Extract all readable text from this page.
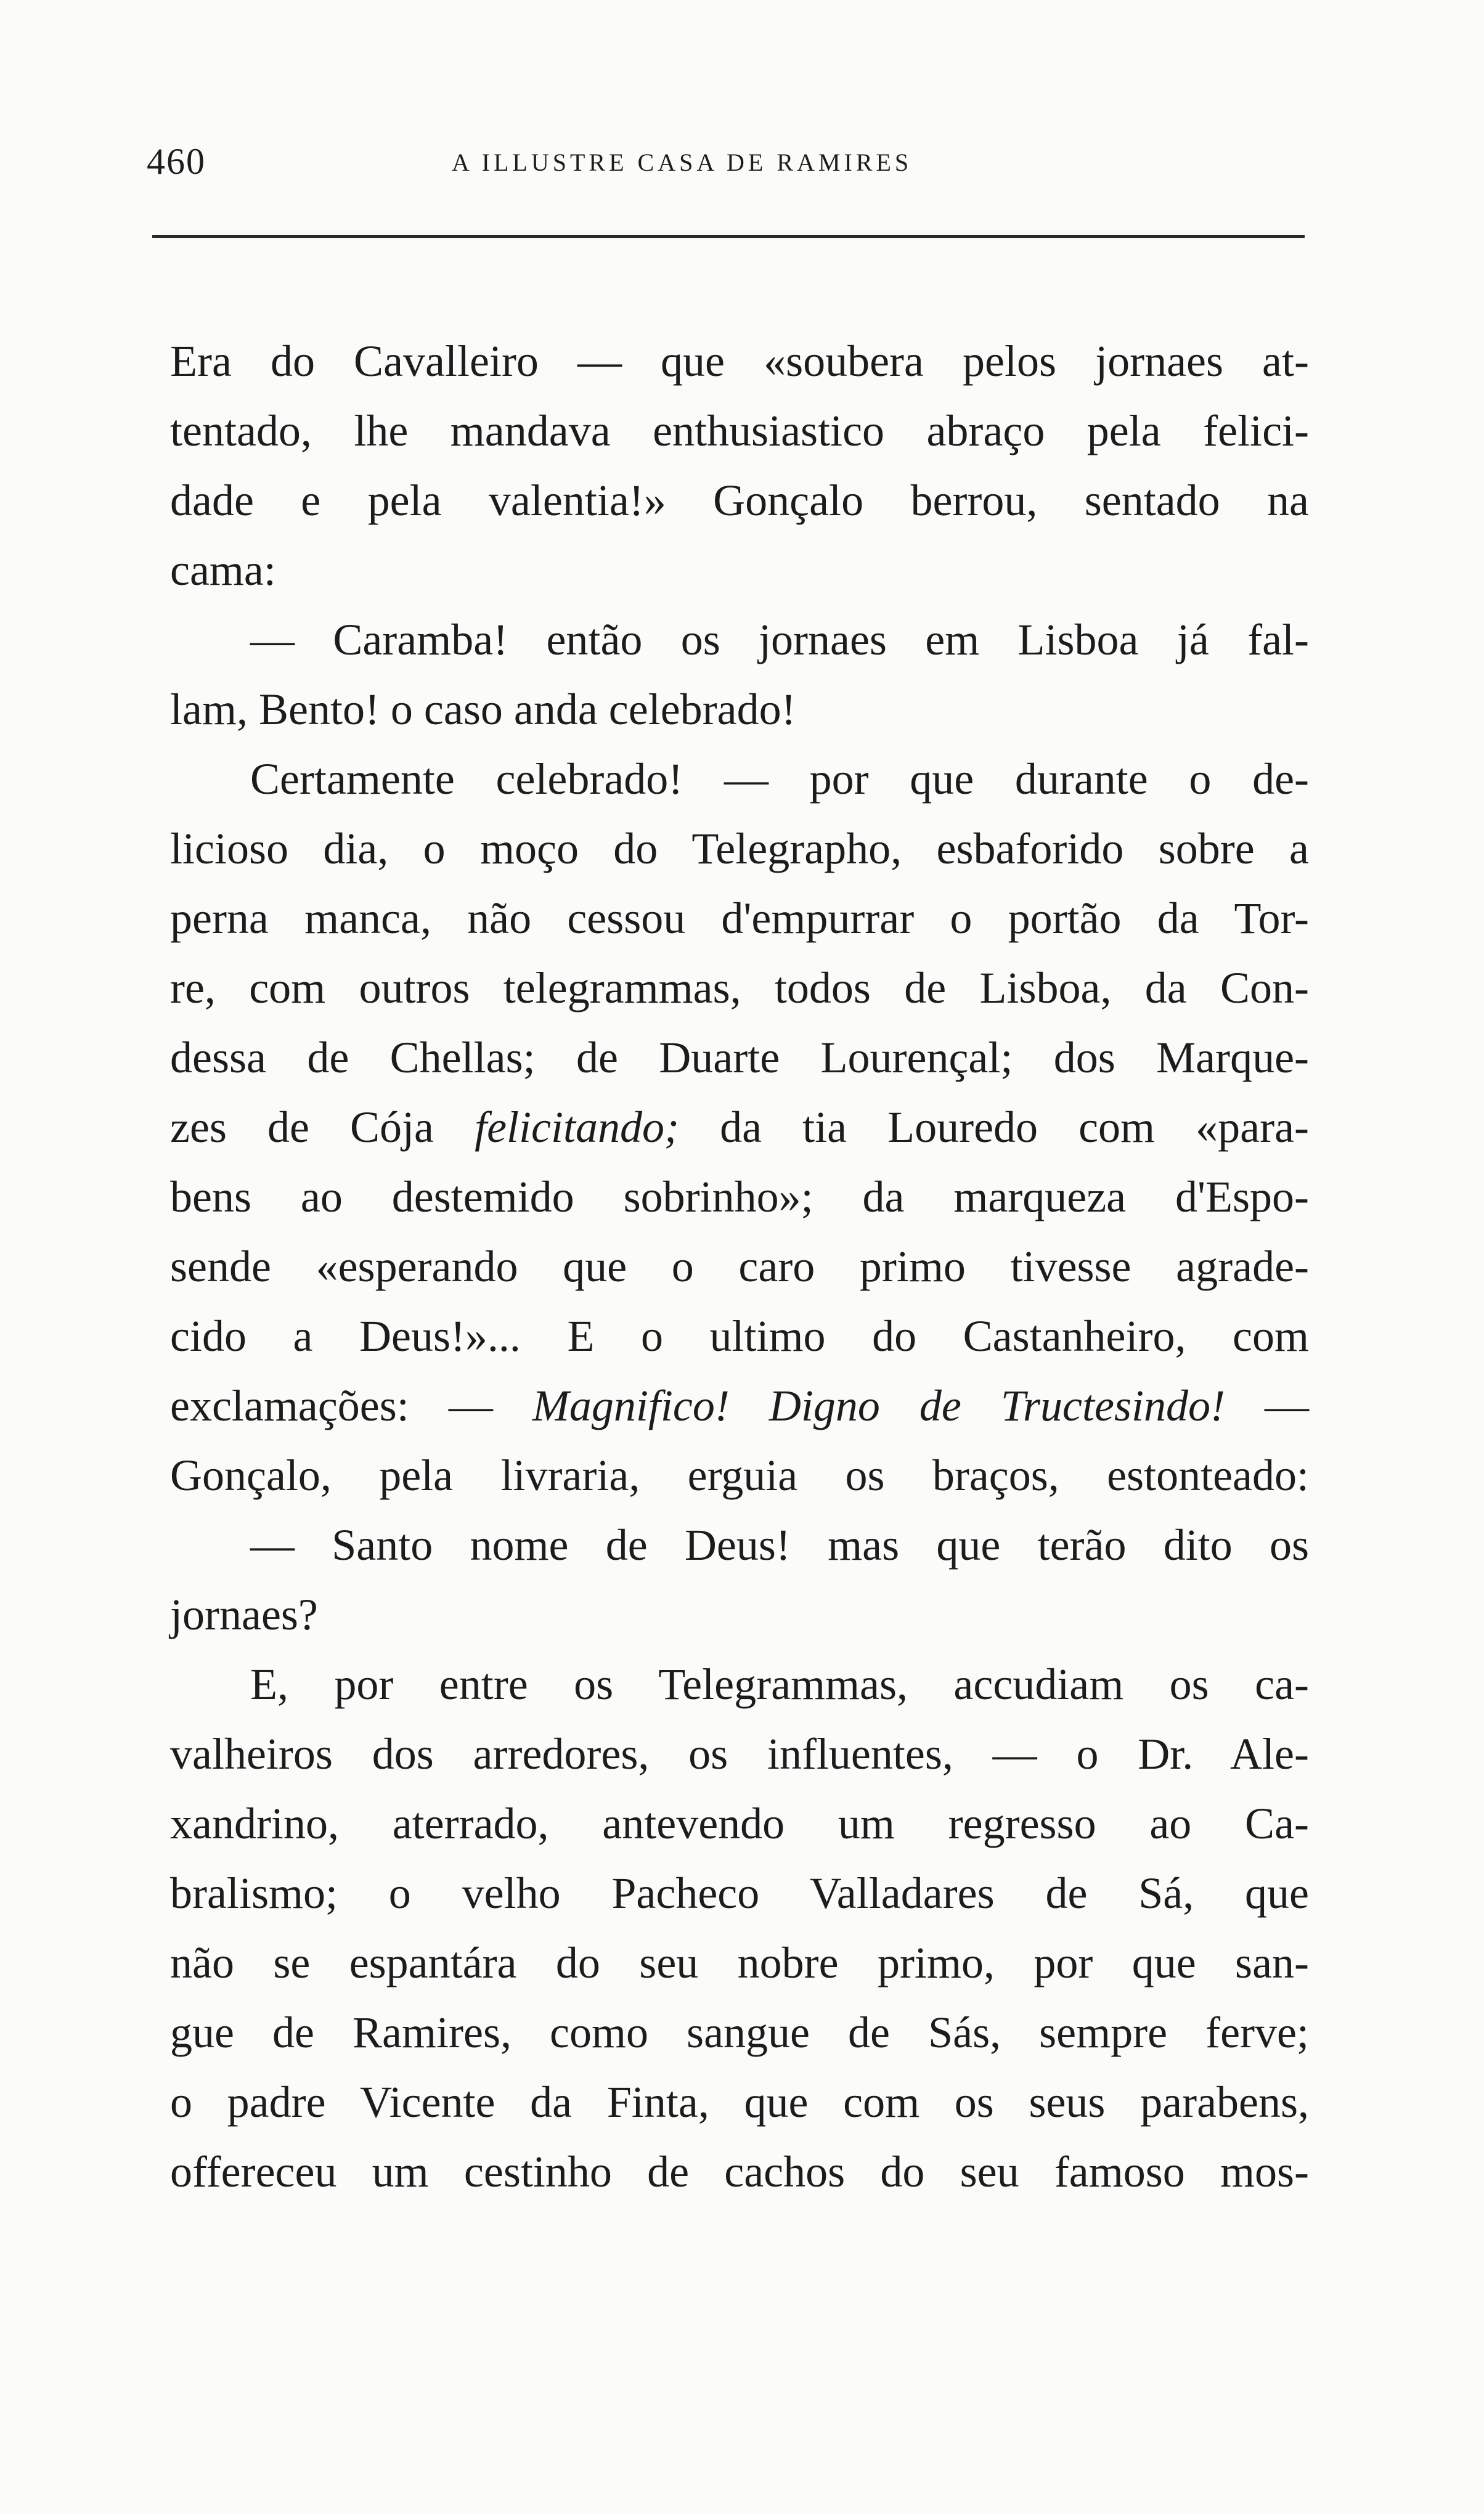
460	A ILLUSTRE CASA DE RAMIRES
Era do Cavalleiro — que «soubera pelos jornaes at-
tentado, lhe mandava enthusiastico abraço pela felici-
dade e pela valentia!» Gonçalo berrou, sentado na
cama:
— Caramba! então os jornaes em Lisboa já fal-
lam, Bento! o caso anda celebrado!
Certamente celebrado! — por que durante o de-
licioso dia, o moço do Telegrapho, esbaforido sobre a
perna manca, não cessou d'empurrar o portão da Tor-
re, com outros telegrammas, todos de Lisboa, da Con-
dessa de Chellas; de Duarte Lourençal; dos Marque-
zes de Cója felicitando; da tia Louredo com «para-
bens ao destemido sobrinho»; da marqueza d'Espo-
sende «esperando que o caro primo tivesse agrade-
cido a Deus!»... E o ultimo do Castanheiro, com
exclamações: — Magnifico! Digno de Tructesindo! —
Gonçalo, pela livraria, erguia os braços, estonteado:
— Santo nome de Deus! mas que terão dito os
jornaes?
E, por entre os Telegrammas, accudiam os ca-
valheiros dos arredores, os influentes, — o Dr. Ale-
xandrino, aterrado, antevendo um regresso ao Ca-
bralismo; o velho Pacheco Valladares de Sá, que
não se espantára do seu nobre primo, por que san-
gue de Ramires, como sangue de Sás, sempre ferve;
o padre Vicente da Finta, que com os seus parabens,
offereceu um cestinho de cachos do seu famoso mos-
